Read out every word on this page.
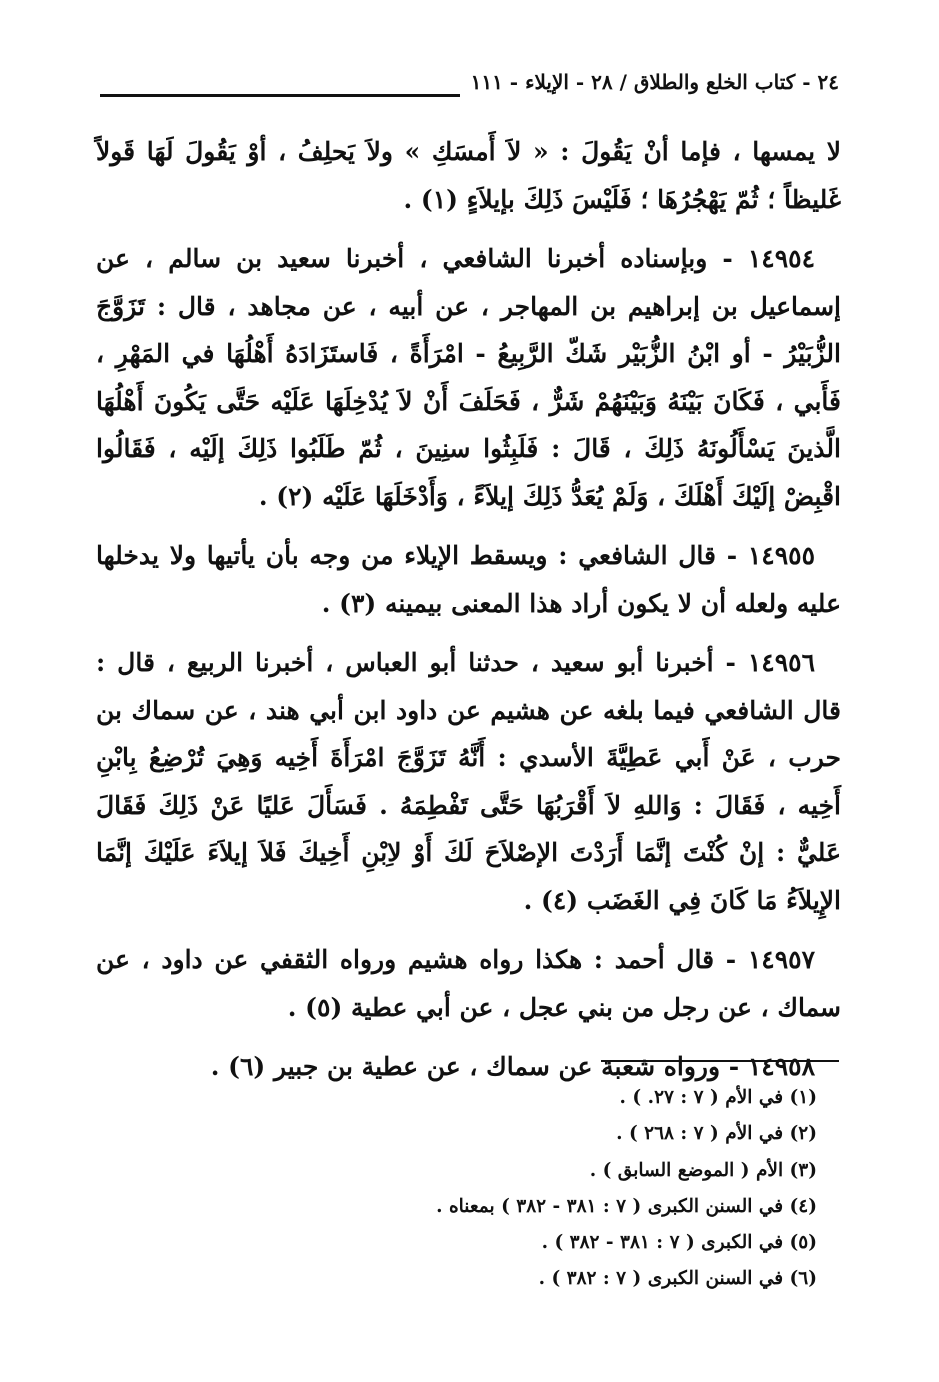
٢٤ - كتاب الخلع والطلاق / ٢٨ - الإيلاء - ١١١

لا يمسها ، فإما أنْ يَقُولَ : « لاَ أَمسَكِ » ولاَ يَحلِفُ ، أوْ يَقُولَ لَهَا قَولاً غَليظاً ؛ ثُمّ يَهْجُرُهَا ؛ فَلَيْسَ ذَلِكَ بإيلاَءٍ (١) .

١٤٩٥٤ - وبإسناده أخبرنا الشافعي ، أخبرنا سعيد بن سالم ، عن إسماعيل بن إبراهيم بن المهاجر ، عن أبيه ، عن مجاهد ، قال : تَزَوَّجَ الزُّبَيْرُ - أو ابْنُ الزُّبَيْر شَكّ الرَّبِيعُ - امْرَأَةً ، فَاستَزَادَهُ أَهْلُهَا في المَهْرِ ، فَأَبي ، فَكَانَ بَيْنَهُ وَبَيْنَهُمْ شَرٌّ ، فَحَلَفَ أَنْ لاَ يُدْخِلَهَا عَلَيْه حَتَّى يَكُونَ أَهْلُهَا الَّذينَ يَسْأَلُونَهُ ذَلِكَ ، قَالَ : فَلَبِثُوا سنِينَ ، ثُمّ طَلَبُوا ذَلِكَ إلَيْه ، فَقَالُوا اقْبِضْ إلَيْكَ أَهْلَكَ ، وَلَمْ يُعَدُّ ذَلِكَ إيلاَءً ، وَأَدْخَلَهَا عَلَيْه (٢) .

١٤٩٥٥ - قال الشافعي : ويسقط الإيلاء من وجه بأن يأتيها ولا يدخلها عليه ولعله أن لا يكون أراد هذا المعنى بيمينه (٣) .

١٤٩٥٦ - أخبرنا أبو سعيد ، حدثنا أبو العباس ، أخبرنا الربيع ، قال : قال الشافعي فيما بلغه عن هشيم عن داود ابن أبي هند ، عن سماك بن حرب ، عَنْ أَبي عَطِيَّةَ الأسدي : أَنَّهُ تَزَوَّجَ امْرَأَةَ أَخِيه وَهِيَ تُرْضِعُ بِابْنِ أَخِيه ، فَقَالَ : وَاللهِ لاَ أَقْرَبُهَا حَتَّى تَفْطِمَهُ . فَسَأَلَ عَليًا عَنْ ذَلِكَ فَقَالَ عَليٌّ : إنْ كُنْتَ إنَّمَا أَرَدْتَ الإصْلاَحَ لَكَ أَوْ لاِبْنِ أَخِيكَ فَلاَ إيلاَءَ عَلَيْكَ إنَّمَا الإِيلاَءُ مَا كَانَ فِي الغَضَب (٤) .

١٤٩٥٧ - قال أحمد : هكذا رواه هشيم ورواه الثقفي عن داود ، عن سماك ، عن رجل من بني عجل ، عن أبي عطية (٥) .

١٤٩٥٨ - ورواه شعبة عن سماك ، عن عطية بن جبير (٦) .

(١) في الأم ( ٧ : ٢٧. ) .

(٢) في الأم ( ٧ : ٢٦٨ ) .

(٣) الأم ( الموضع السابق ) .

(٤) في السنن الكبرى ( ٧ : ٣٨١ - ٣٨٢ ) بمعناه .

(٥) في الكبرى ( ٧ : ٣٨١ - ٣٨٢ ) .

(٦) في السنن الكبرى ( ٧ : ٣٨٢ ) .
